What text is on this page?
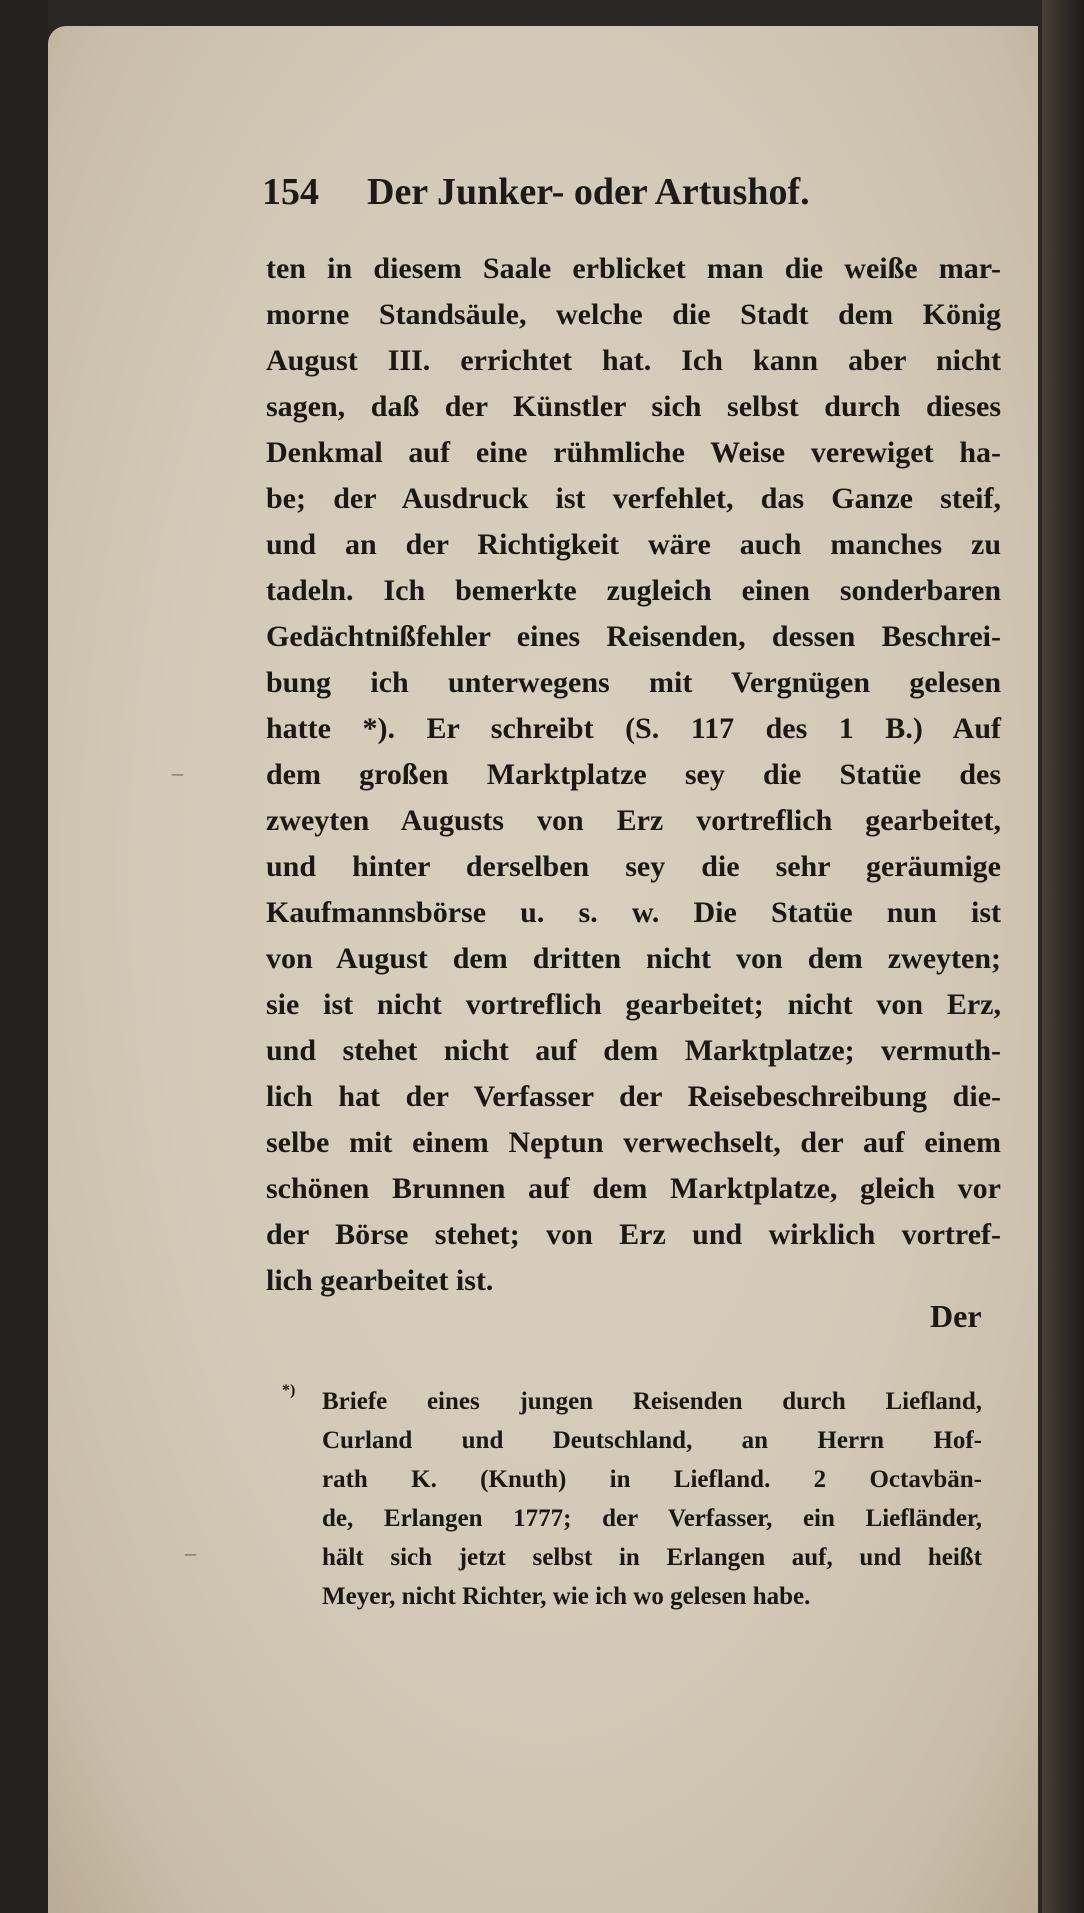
154 Der Junker- oder Artushof.
ten in diesem Saale erblicket man die weiße mar-
morne Standsäule, welche die Stadt dem König
August III. errichtet hat. Ich kann aber nicht
sagen, daß der Künstler sich selbst durch dieses
Denkmal auf eine rühmliche Weise verewiget ha-
be; der Ausdruck ist verfehlet, das Ganze steif,
und an der Richtigkeit wäre auch manches zu
tadeln. Ich bemerkte zugleich einen sonderbaren
Gedächtnißfehler eines Reisenden, dessen Beschrei-
bung ich unterwegens mit Vergnügen gelesen
hatte *). Er schreibt (S. 117 des 1 B.) Auf
dem großen Marktplatze sey die Statüe des
zweyten Augusts von Erz vortreflich gearbeitet,
und hinter derselben sey die sehr geräumige
Kaufmannsbörse u. s. w. Die Statüe nun ist
von August dem dritten nicht von dem zweyten;
sie ist nicht vortreflich gearbeitet; nicht von Erz,
und stehet nicht auf dem Marktplatze; vermuth-
lich hat der Verfasser der Reisebeschreibung die-
selbe mit einem Neptun verwechselt, der auf einem
schönen Brunnen auf dem Marktplatze, gleich vor
der Börse stehet; von Erz und wirklich vortref-
lich gearbeitet ist.
Der
*)	Briefe eines jungen Reisenden durch Liefland,
Curland und Deutschland, an Herrn Hof-
rath K. (Knuth) in Liefland. 2 Octavbän-
de, Erlangen 1777; der Verfasser, ein Liefländer,
hält sich jetzt selbst in Erlangen auf, und heißt
Meyer, nicht Richter, wie ich wo gelesen habe.
–
–
